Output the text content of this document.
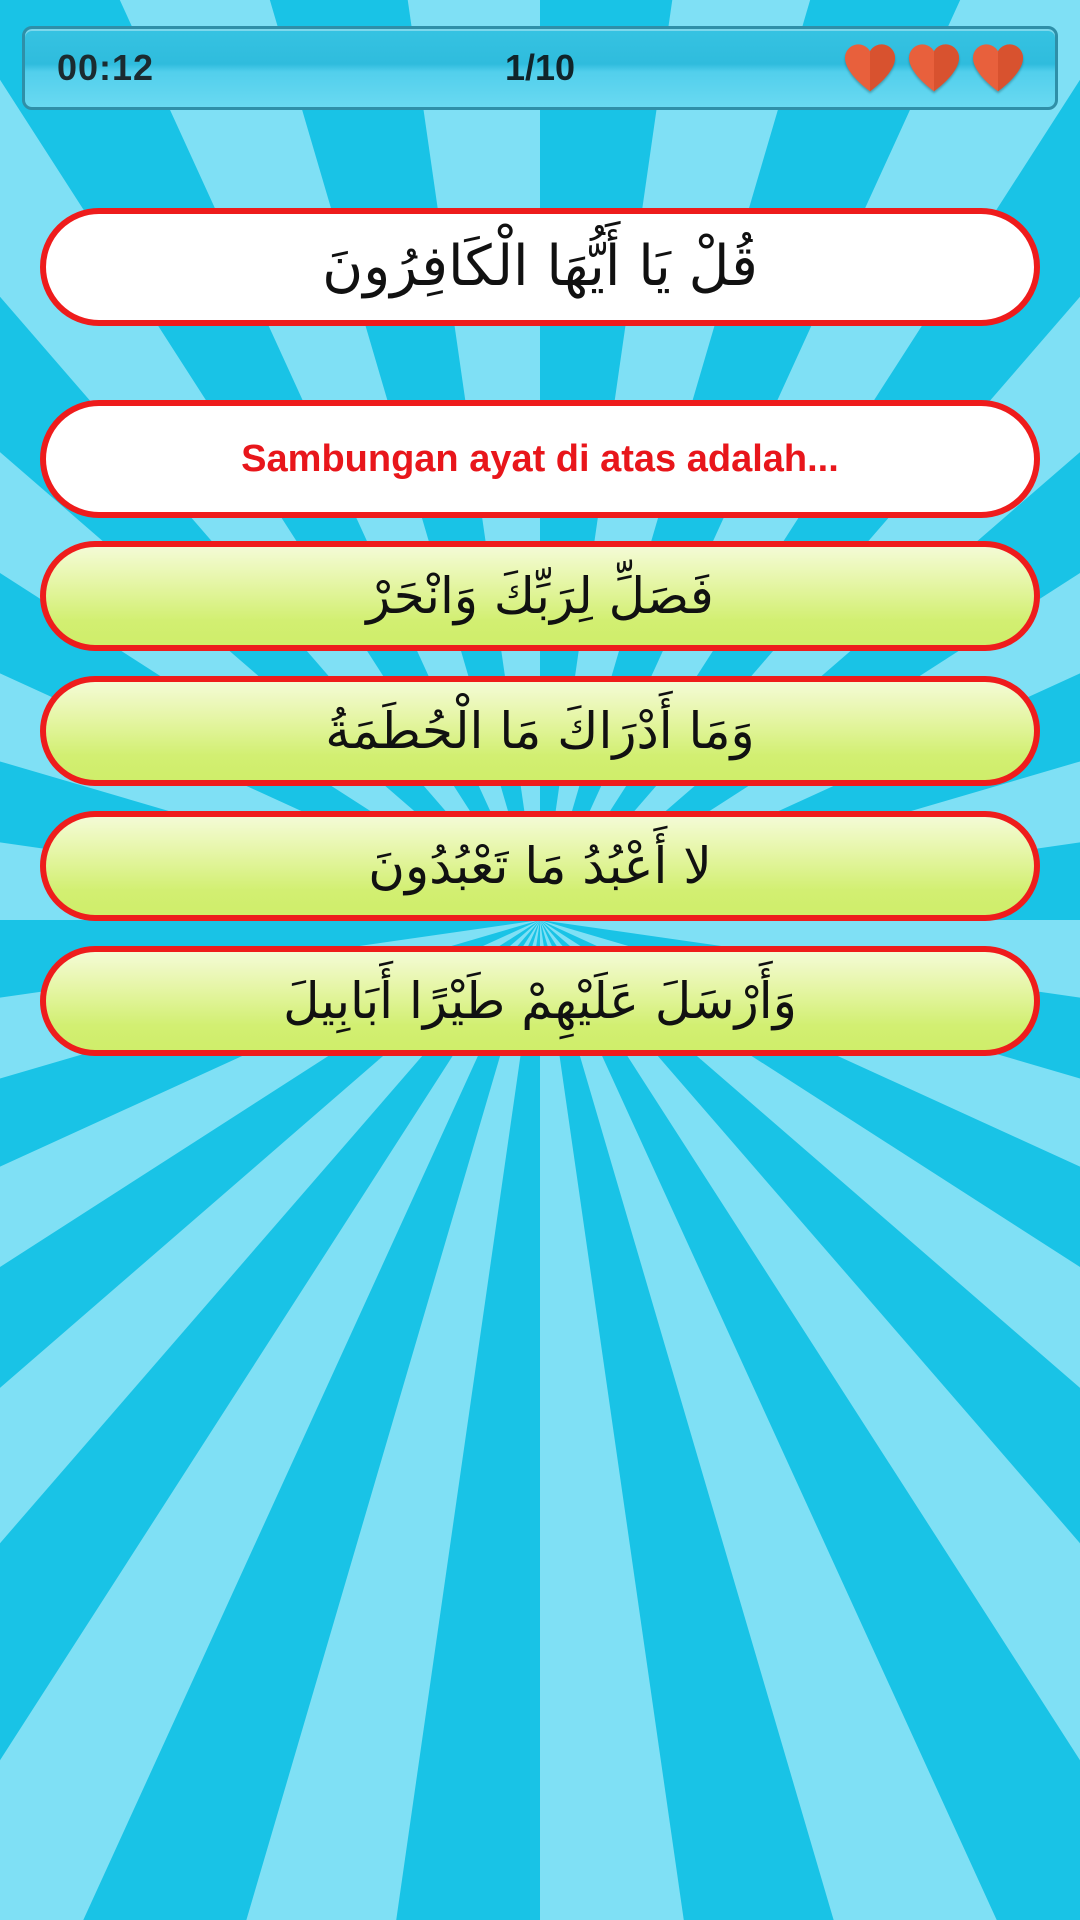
00:12	1/10
قُلْ يَا أَيُّهَا الْكَافِرُونَ
Sambungan ayat di atas adalah...
فَصَلِّ لِرَبِّكَ وَانْحَرْ
وَمَا أَدْرَاكَ مَا الْحُطَمَةُ
لا أَعْبُدُ مَا تَعْبُدُونَ
وَأَرْسَلَ عَلَيْهِمْ طَيْرًا أَبَابِيلَ
